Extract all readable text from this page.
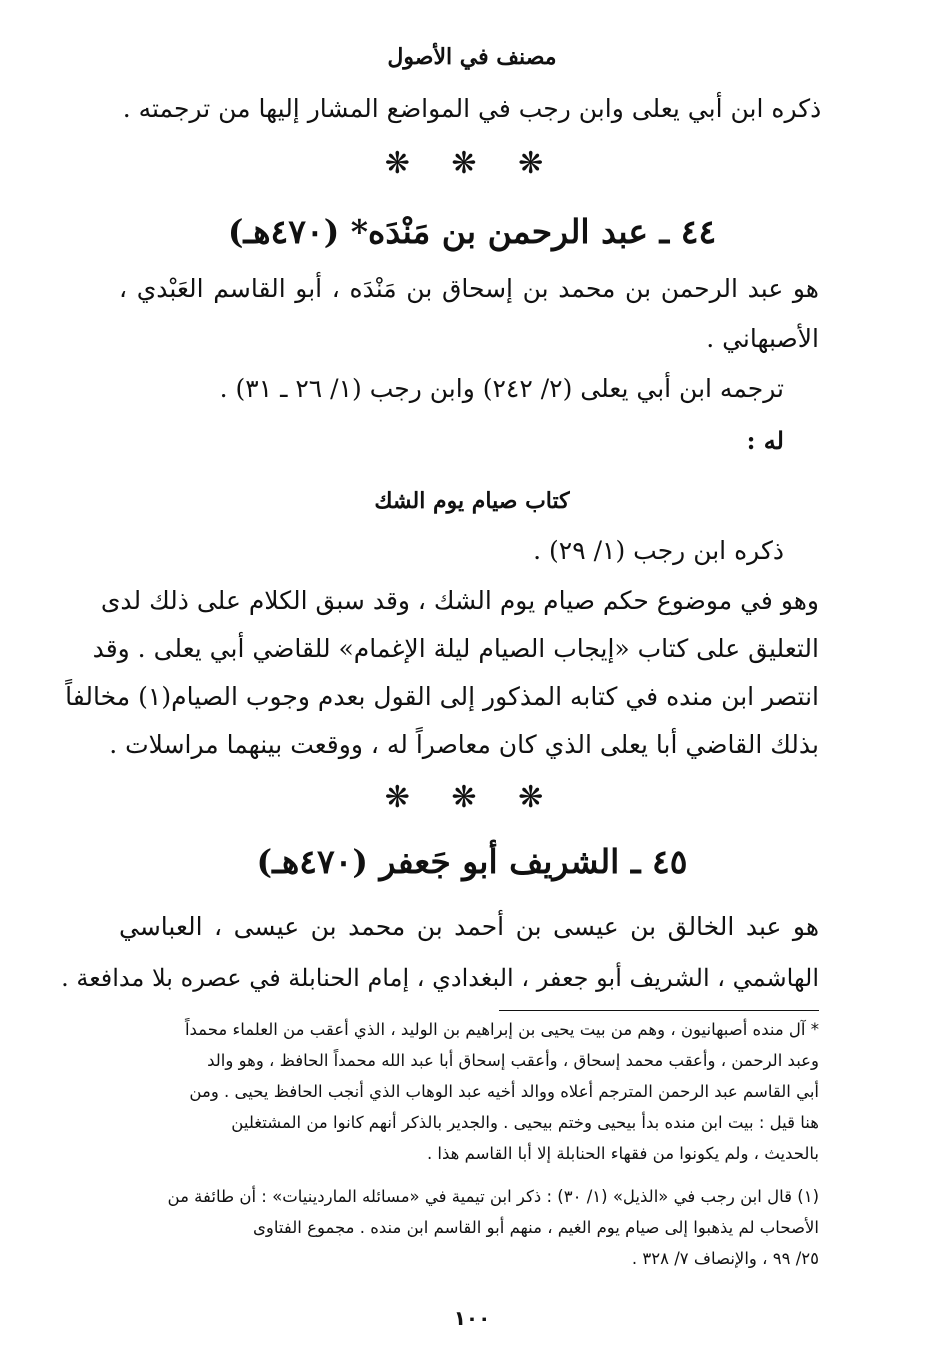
مصنف في الأصول
ذكره ابن أبي يعلى وابن رجب في المواضع المشار إليها من ترجمته .
❋ ❋ ❋
٤٤ ـ عبد الرحمن بن مَنْدَه* (٤٧٠هـ)
هو عبد الرحمن بن محمد بن إسحاق بن مَنْدَه ، أبو القاسم العَبْدي ،
الأصبهاني .
ترجمه ابن أبي يعلى (٢/ ٢٤٢) وابن رجب (١/ ٢٦ ـ ٣١) .
له :
كتاب صيام يوم الشك
ذكره ابن رجب (١/ ٢٩) .
وهو في موضوع حكم صيام يوم الشك ، وقد سبق الكلام على ذلك لدى
التعليق على كتاب «إيجاب الصيام ليلة الإغمام» للقاضي أبي يعلى . وقد
انتصر ابن منده في كتابه المذكور إلى القول بعدم وجوب الصيام(١) مخالفاً
بذلك القاضي أبا يعلى الذي كان معاصراً له ، ووقعت بينهما مراسلات .
❋ ❋ ❋
٤٥ ـ الشريف أبو جَعفر (٤٧٠هـ)
هو عبد الخالق بن عيسى بن أحمد بن محمد بن عيسى ، العباسي
الهاشمي ، الشريف أبو جعفر ، البغدادي ، إمام الحنابلة في عصره بلا مدافعة .
* آل منده أصبهانيون ، وهم من بيت يحيى بن إبراهيم بن الوليد ، الذي أعقب من العلماء محمداً
وعبد الرحمن ، وأعقب محمد إسحاق ، وأعقب إسحاق أبا عبد الله محمداً الحافظ ، وهو والد
أبي القاسم عبد الرحمن المترجم أعلاه ووالد أخيه عبد الوهاب الذي أنجب الحافظ يحيى . ومن
هنا قيل : بيت ابن منده بدأ بيحيى وختم بيحيى . والجدير بالذكر أنهم كانوا من المشتغلين
بالحديث ، ولم يكونوا من فقهاء الحنابلة إلا أبا القاسم هذا .
(١) قال ابن رجب في «الذيل» (١/ ٣٠) : ذكر ابن تيمية في «مسائله الماردينيات» : أن طائفة من
الأصحاب لم يذهبوا إلى صيام يوم الغيم ، منهم أبو القاسم ابن منده . مجموع الفتاوى
٢٥/ ٩٩ ، والإنصاف ٧/ ٣٢٨ .
١٠٠
